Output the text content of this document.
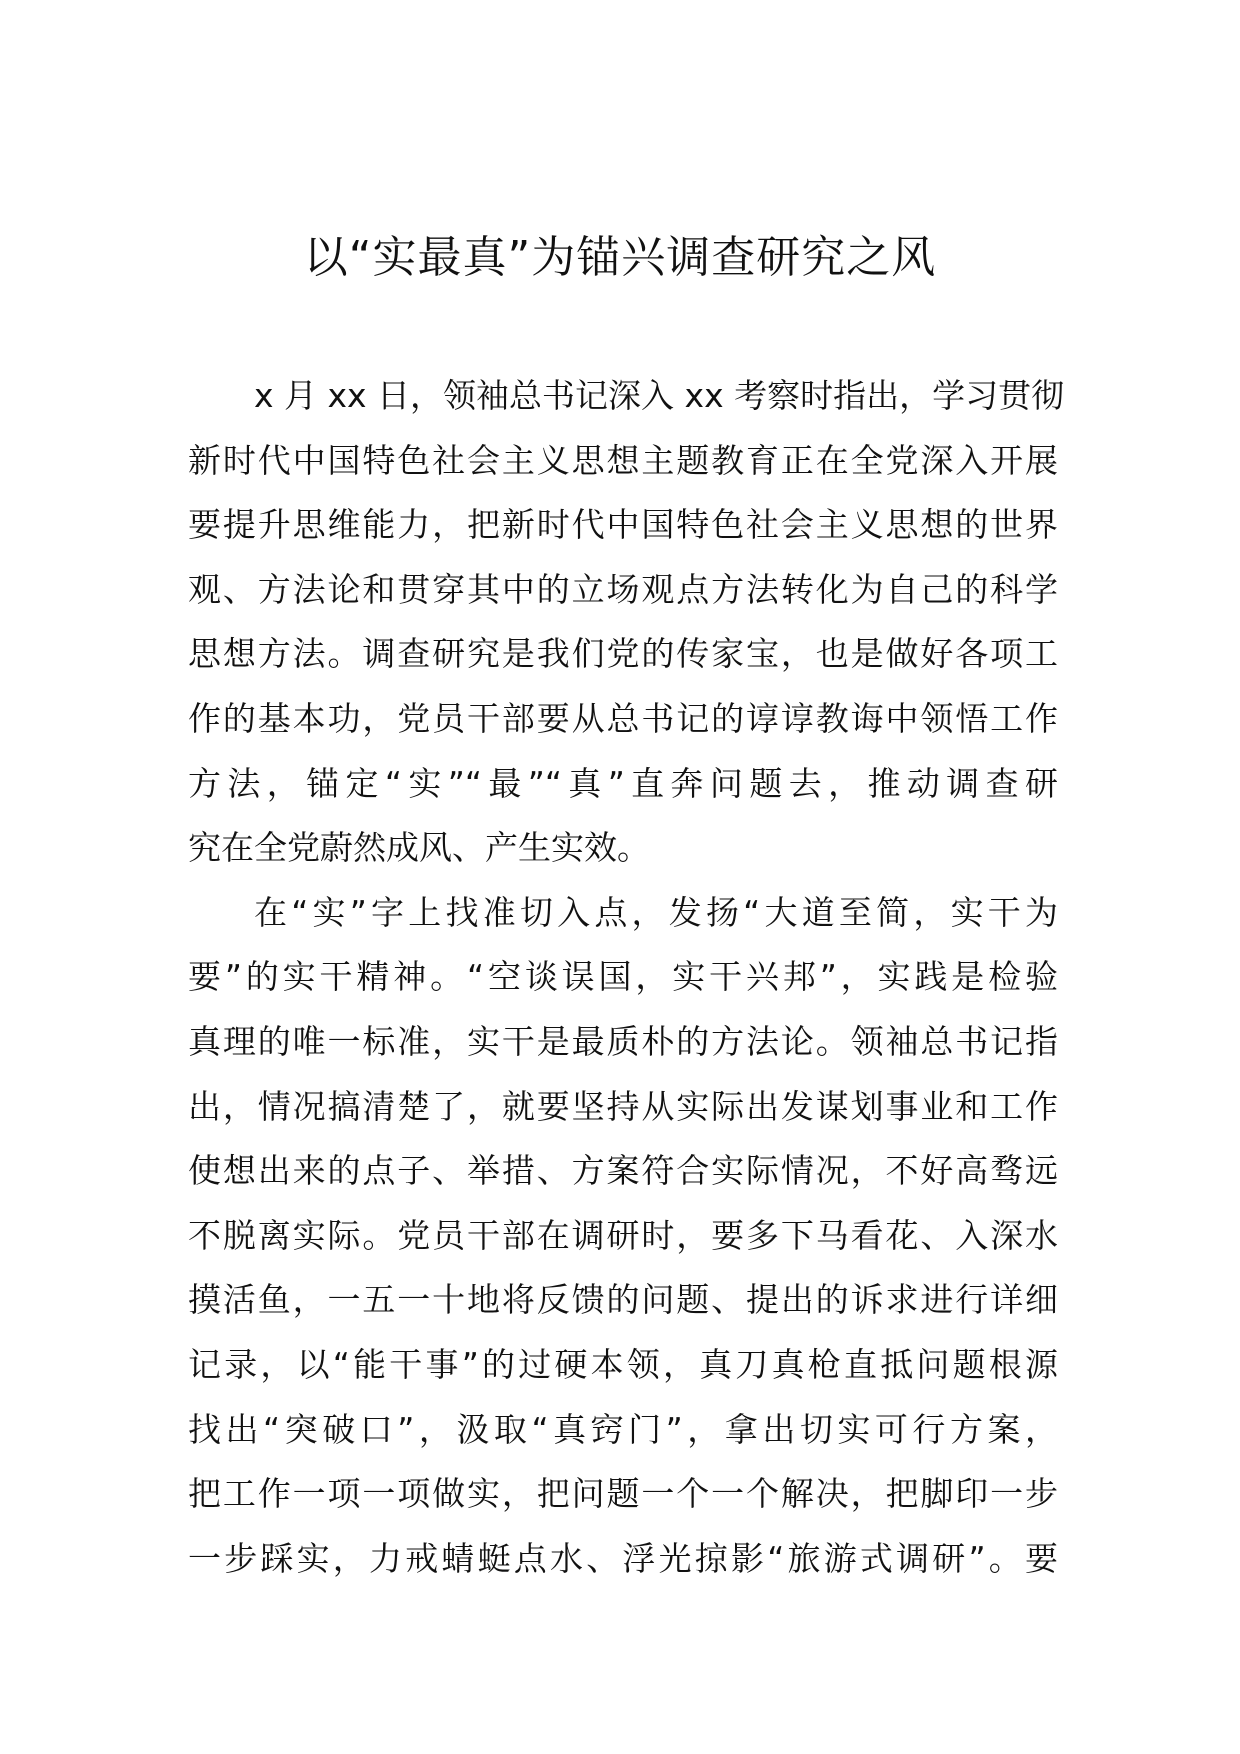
以“实最真”为锚兴调查研究之风
x 月 xx 日，领袖总书记深入 xx 考察时指出，学习贯彻
新时代中国特色社会主义思想主题教育正在全党深入开展
要提升思维能力，把新时代中国特色社会主义思想的世界
观、方法论和贯穿其中的立场观点方法转化为自己的科学
思想方法。调查研究是我们党的传家宝，也是做好各项工
作的基本功，党员干部要从总书记的谆谆教诲中领悟工作
方法，锚定“实”“最”“真”直奔问题去，推动调查研
究在全党蔚然成风、产生实效。
在“实”字上找准切入点，发扬“大道至简，实干为
要”的实干精神。“空谈误国，实干兴邦”，实践是检验
真理的唯一标准，实干是最质朴的方法论。领袖总书记指
出，情况搞清楚了，就要坚持从实际出发谋划事业和工作
使想出来的点子、举措、方案符合实际情况，不好高骛远
不脱离实际。党员干部在调研时，要多下马看花、入深水
摸活鱼，一五一十地将反馈的问题、提出的诉求进行详细
记录，以“能干事”的过硬本领，真刀真枪直抵问题根源
找出“突破口”，汲取“真窍门”，拿出切实可行方案，
把工作一项一项做实，把问题一个一个解决，把脚印一步
一步踩实，力戒蜻蜓点水、浮光掠影“旅游式调研”。要
